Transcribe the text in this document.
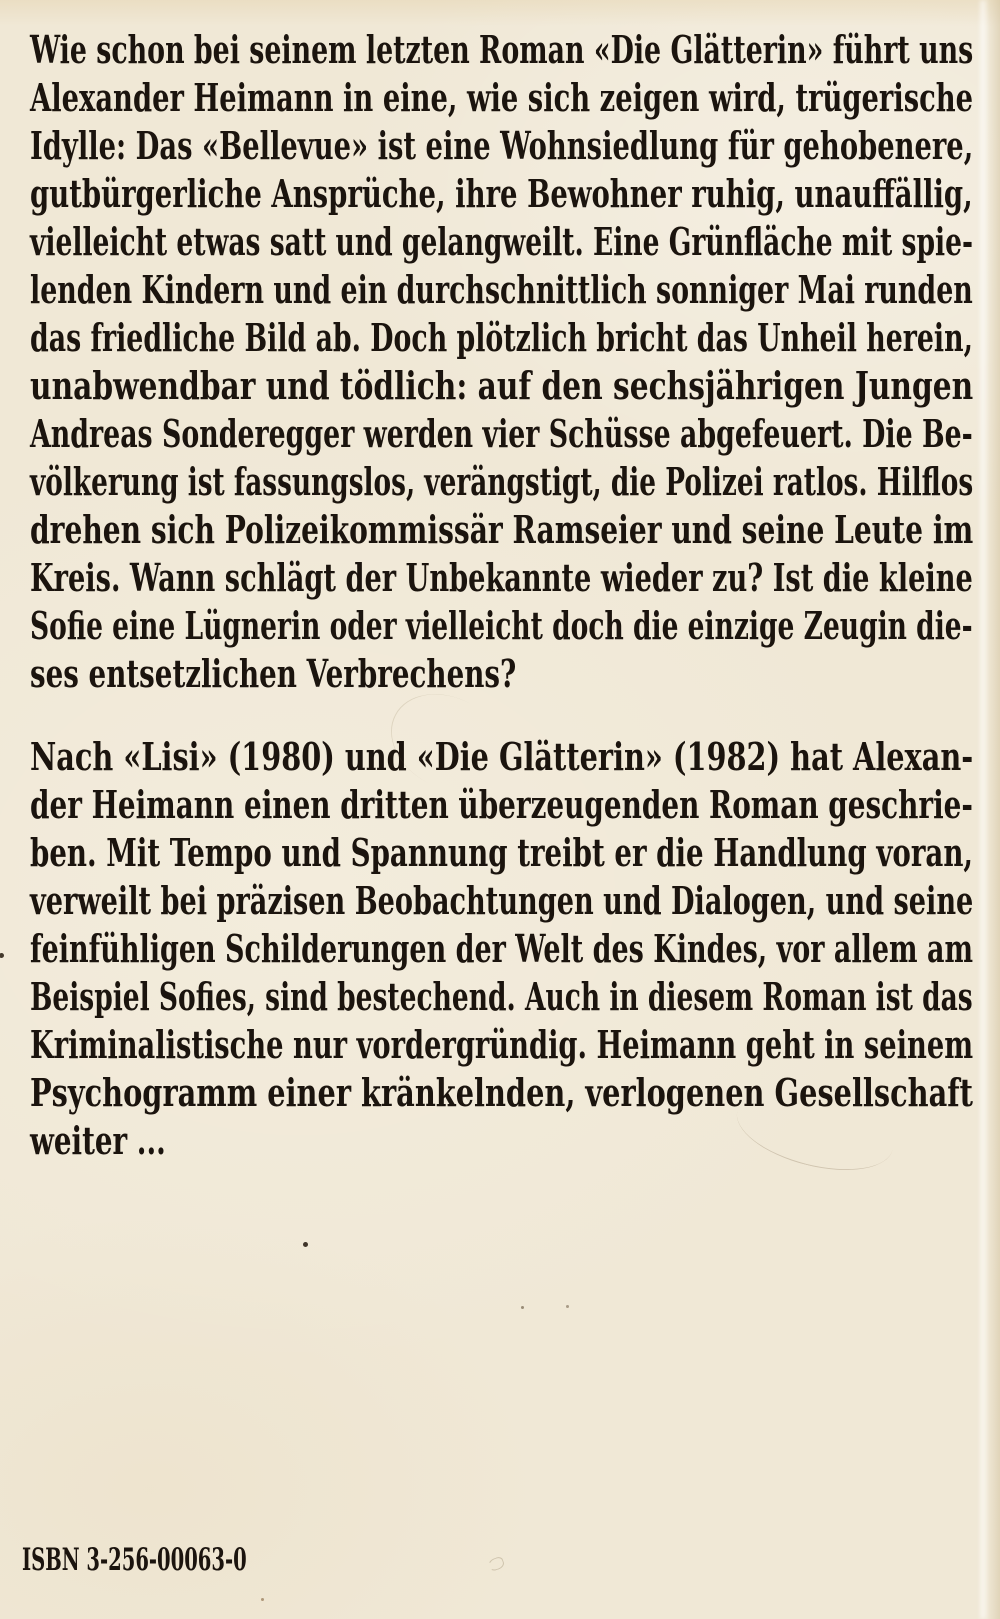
Wie schon bei seinem letzten Roman «Die Glätterin» führt uns
Alexander Heimann in eine, wie sich zeigen wird, trügerische
Idylle: Das «Bellevue» ist eine Wohnsiedlung für gehobenere,
gutbürgerliche Ansprüche, ihre Bewohner ruhig, unauffällig,
vielleicht etwas satt und gelangweilt. Eine Grünfläche mit spie-
lenden Kindern und ein durchschnittlich sonniger Mai runden
das friedliche Bild ab. Doch plötzlich bricht das Unheil herein,
unabwendbar und tödlich: auf den sechsjährigen Jungen
Andreas Sonderegger werden vier Schüsse abgefeuert. Die Be-
völkerung ist fassungslos, verängstigt, die Polizei ratlos. Hilflos
drehen sich Polizeikommissär Ramseier und seine Leute im
Kreis. Wann schlägt der Unbekannte wieder zu? Ist die kleine
Sofie eine Lügnerin oder vielleicht doch die einzige Zeugin die-
ses entsetzlichen Verbrechens?
Nach «Lisi» (1980) und «Die Glätterin» (1982) hat Alexan-
der Heimann einen dritten überzeugenden Roman geschrie-
ben. Mit Tempo und Spannung treibt er die Handlung voran,
verweilt bei präzisen Beobachtungen und Dialogen, und seine
feinfühligen Schilderungen der Welt des Kindes, vor allem am
Beispiel Sofies, sind bestechend. Auch in diesem Roman ist das
Kriminalistische nur vordergründig. Heimann geht in seinem
Psychogramm einer kränkelnden, verlogenen Gesellschaft
weiter ...
ISBN 3-256-00063-0
